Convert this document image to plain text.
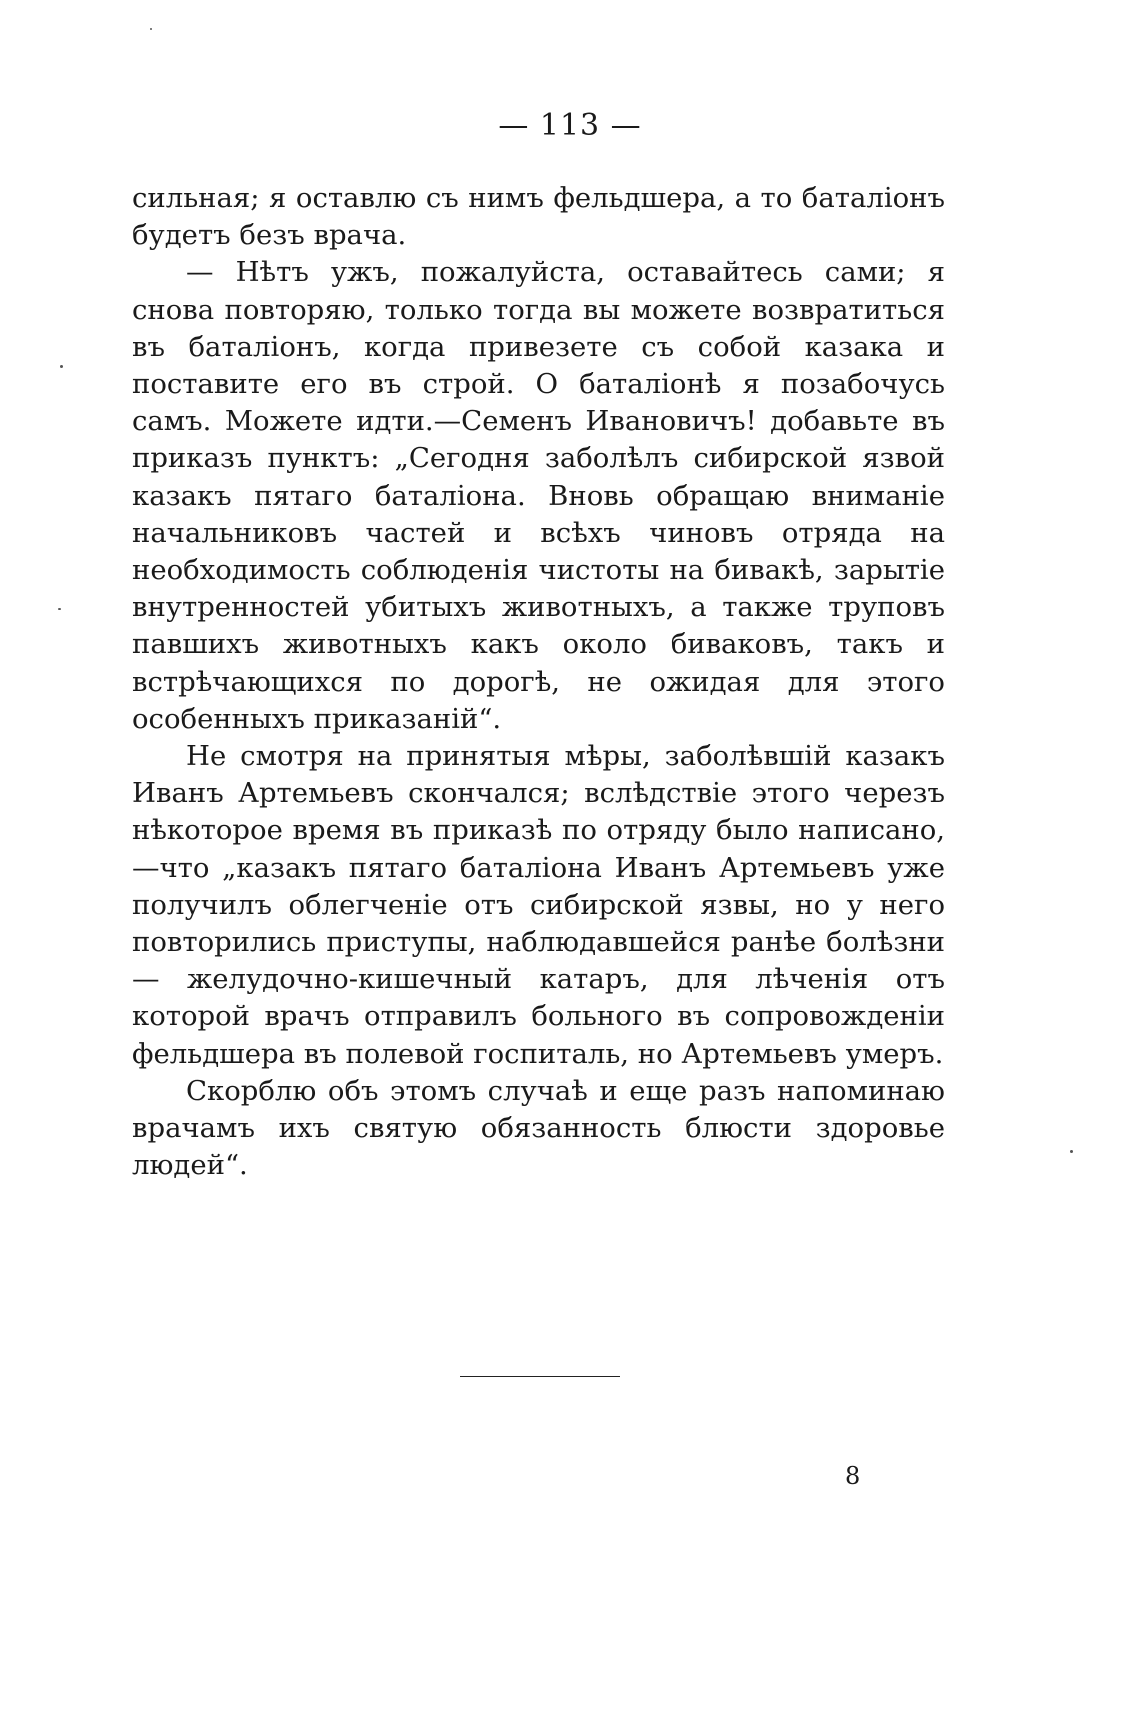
— 113 —

сильная; я оставлю съ нимъ фельдшера, а то баталіонъ будетъ безъ врача.

— Нѣтъ ужъ, пожалуйста, оставайтесь сами; я снова повторяю, только тогда вы можете возвратиться въ баталіонъ, когда привезете съ собой казака и поставите его въ строй. О баталіонѣ я позабочусь самъ. Можете идти.—Семенъ Ивановичъ! добавьте въ приказъ пунктъ: „Сегодня заболѣлъ сибирской язвой казакъ пятаго баталіона. Вновь обращаю вниманіе начальниковъ частей и всѣхъ чиновъ отряда на необходимость соблюденія чистоты на бивакѣ, зарытіе внутренностей убитыхъ животныхъ, а также труповъ павшихъ животныхъ какъ около биваковъ, такъ и встрѣчающихся по дорогѣ, не ожидая для этого особенныхъ приказаній“.

Не смотря на принятыя мѣры, заболѣвшій казакъ Иванъ Артемьевъ скончался; вслѣдствіе этого черезъ нѣкоторое время въ приказѣ по отряду было написано,—что „казакъ пятаго баталіона Иванъ Артемьевъ уже получилъ облегченіе отъ сибирской язвы, но у него повторились приступы, наблюдавшейся ранѣе болѣзни — желудочно-кишечный катаръ, для лѣченія отъ которой врачъ отправилъ больного въ сопровожденіи фельдшера въ полевой госпиталь, но Артемьевъ умеръ.

Скорблю объ этомъ случаѣ и еще разъ напоминаю врачамъ ихъ святую обязанность блюсти здоровье людей“.

8
